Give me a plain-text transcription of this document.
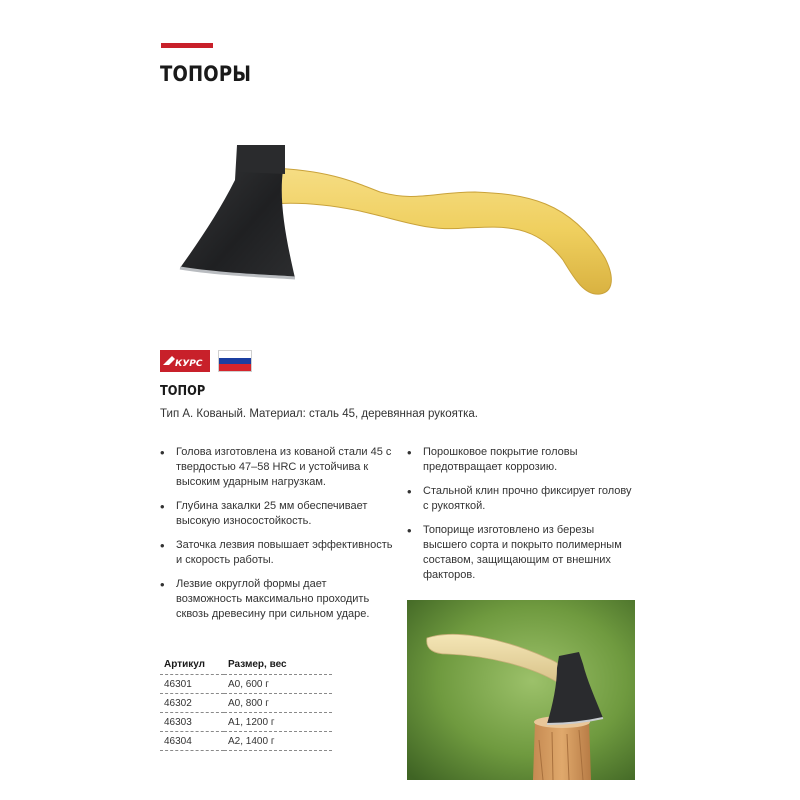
ТОПОРЫ
КУРС
ТОПОР
Тип А. Кованый. Материал: сталь 45, деревянная рукоятка.
• Голова изготовлена из кованой стали 45 с твердостью 47–58 HRC и устойчива к высоким ударным нагрузкам.
• Глубина закалки 25 мм обеспечивает высокую износостойкость.
• Заточка лезвия повышает эффективность и скорость работы.
• Лезвие округлой формы дает возможность максимально проходить сквозь древесину при сильном ударе.
• Порошковое покрытие головы предотвращает коррозию.
• Стальной клин прочно фиксирует голову с рукояткой.
• Топорище изготовлено из березы высшего сорта и покрыто полимерным составом, защищающим от внешних факторов.
Артикул	Размер, вес
46301	А0, 600 г
46302	А0, 800 г
46303	А1, 1200 г
46304	А2, 1400 г
